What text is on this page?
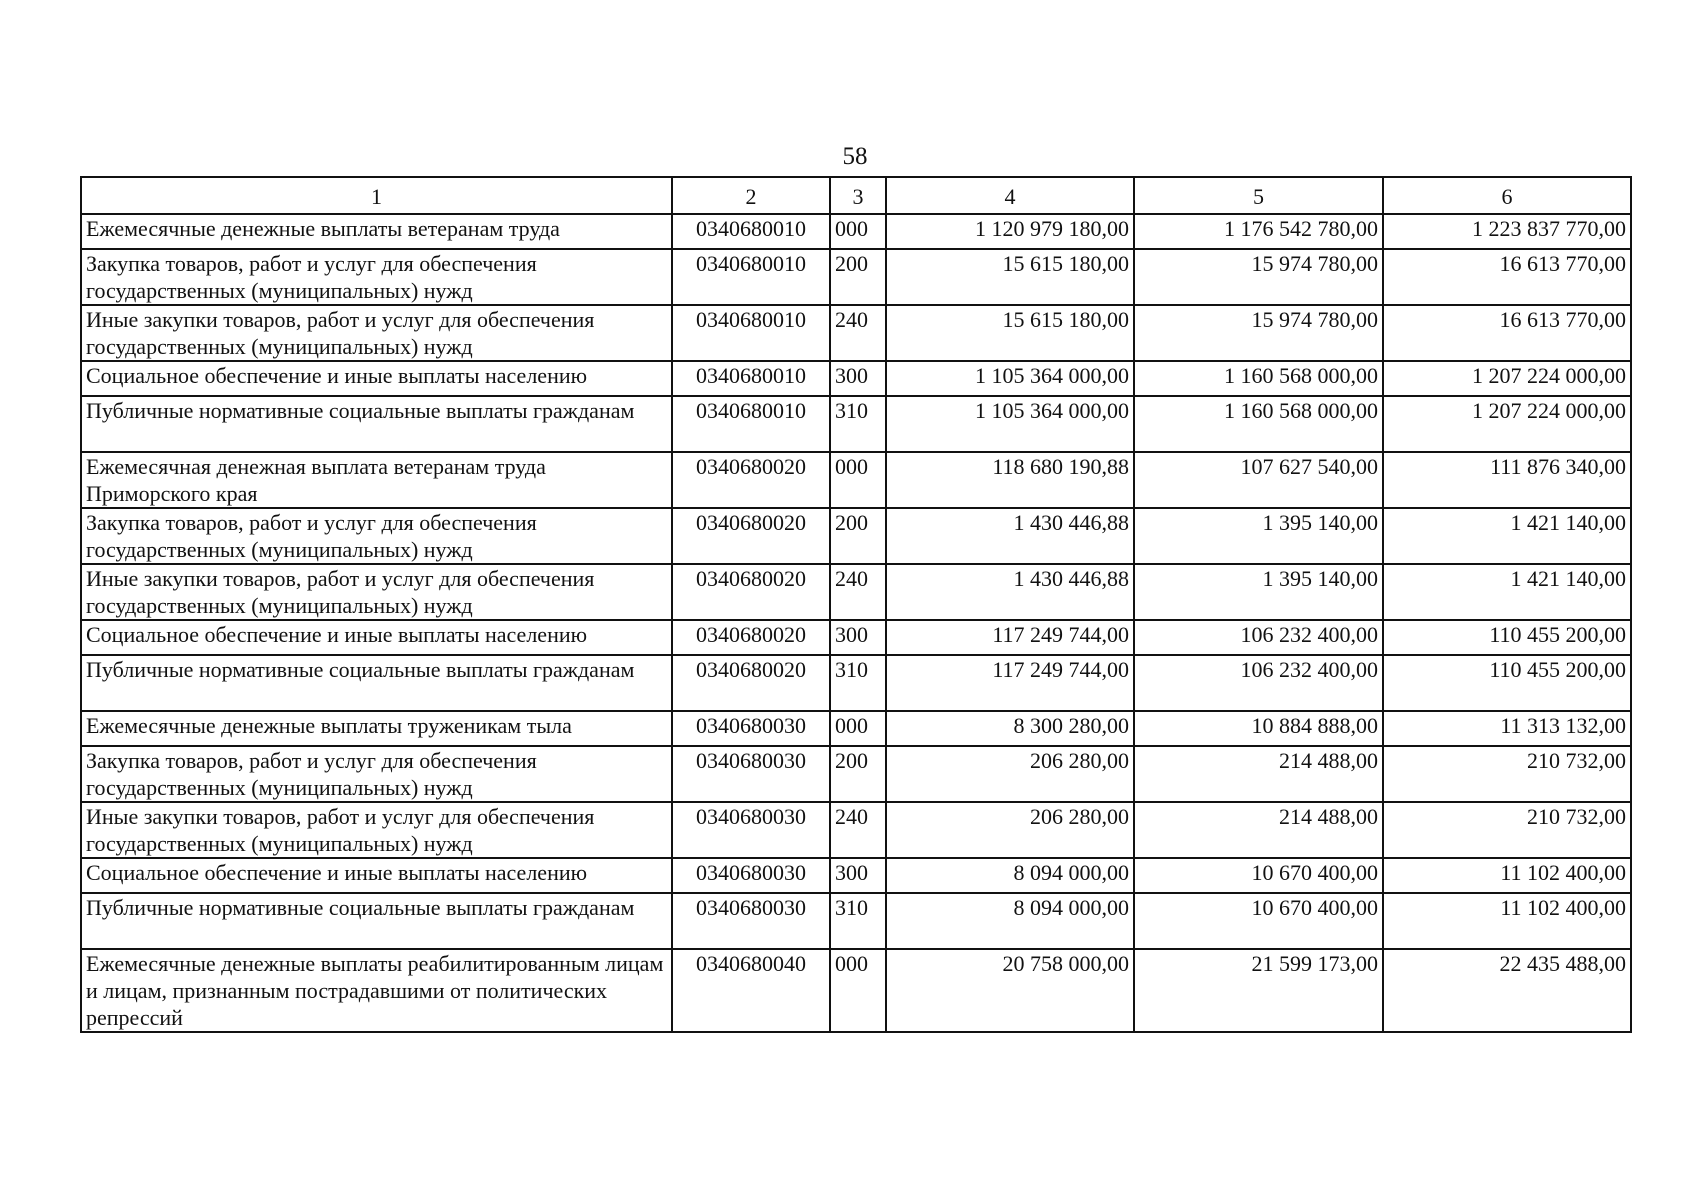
58
1	2	3	4	5	6
Ежемесячные денежные выплаты ветеранам труда	0340680010	000	1 120 979 180,00	1 176 542 780,00	1 223 837 770,00
Закупка товаров, работ и услуг для обеспечения государственных (муниципальных) нужд	0340680010	200	15 615 180,00	15 974 780,00	16 613 770,00
Иные закупки товаров, работ и услуг для обеспечения государственных (муниципальных) нужд	0340680010	240	15 615 180,00	15 974 780,00	16 613 770,00
Социальное обеспечение и иные выплаты населению	0340680010	300	1 105 364 000,00	1 160 568 000,00	1 207 224 000,00
Публичные нормативные социальные выплаты гражданам	0340680010	310	1 105 364 000,00	1 160 568 000,00	1 207 224 000,00
Ежемесячная денежная выплата ветеранам труда Приморского края	0340680020	000	118 680 190,88	107 627 540,00	111 876 340,00
Закупка товаров, работ и услуг для обеспечения государственных (муниципальных) нужд	0340680020	200	1 430 446,88	1 395 140,00	1 421 140,00
Иные закупки товаров, работ и услуг для обеспечения государственных (муниципальных) нужд	0340680020	240	1 430 446,88	1 395 140,00	1 421 140,00
Социальное обеспечение и иные выплаты населению	0340680020	300	117 249 744,00	106 232 400,00	110 455 200,00
Публичные нормативные социальные выплаты гражданам	0340680020	310	117 249 744,00	106 232 400,00	110 455 200,00
Ежемесячные денежные выплаты труженикам тыла	0340680030	000	8 300 280,00	10 884 888,00	11 313 132,00
Закупка товаров, работ и услуг для обеспечения государственных (муниципальных) нужд	0340680030	200	206 280,00	214 488,00	210 732,00
Иные закупки товаров, работ и услуг для обеспечения государственных (муниципальных) нужд	0340680030	240	206 280,00	214 488,00	210 732,00
Социальное обеспечение и иные выплаты населению	0340680030	300	8 094 000,00	10 670 400,00	11 102 400,00
Публичные нормативные социальные выплаты гражданам	0340680030	310	8 094 000,00	10 670 400,00	11 102 400,00
Ежемесячные денежные выплаты реабилитированным лицам и лицам, признанным пострадавшими от политических репрессий	0340680040	000	20 758 000,00	21 599 173,00	22 435 488,00
